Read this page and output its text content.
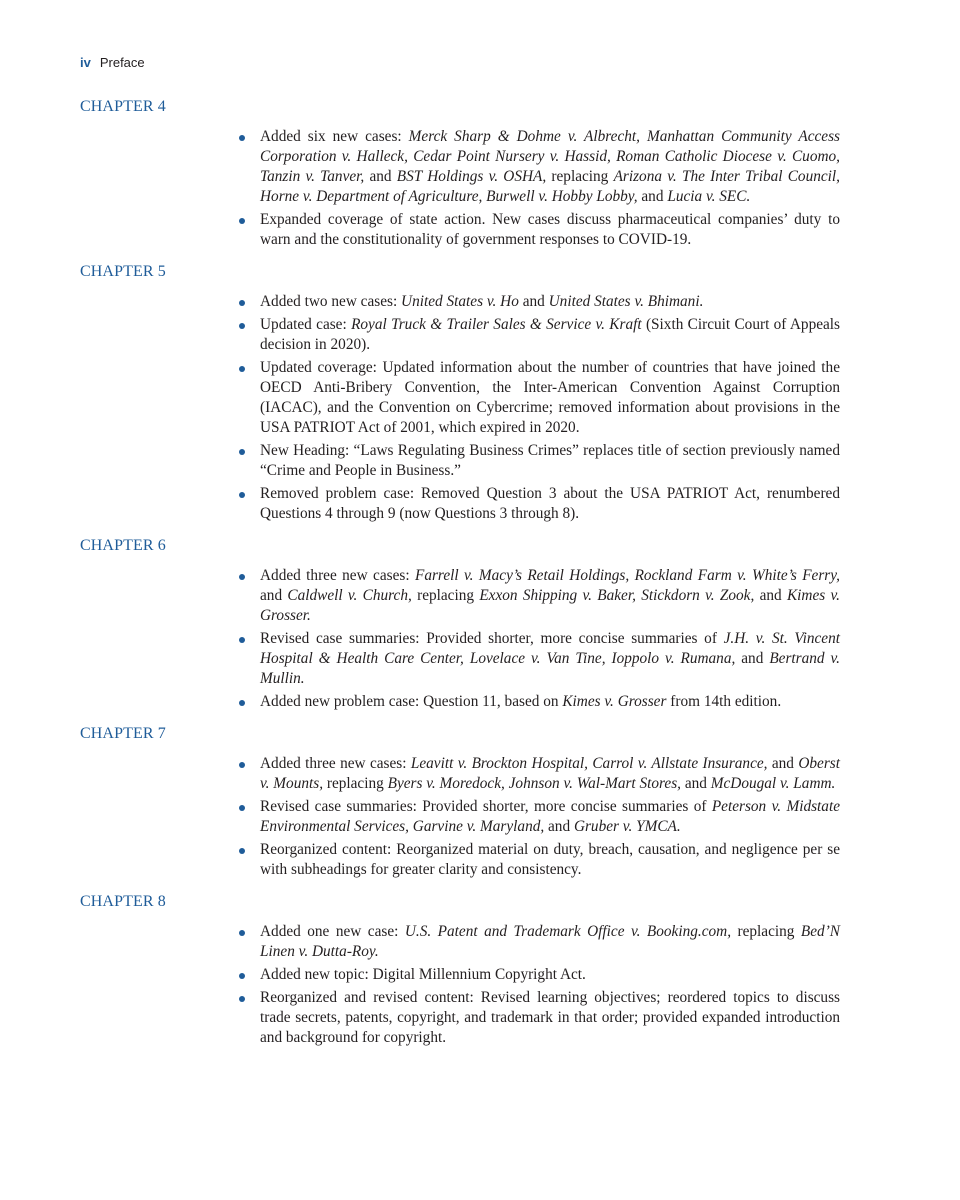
iv Preface
CHAPTER 4
Added six new cases: Merck Sharp & Dohme v. Albrecht, Manhattan Community Access Corporation v. Halleck, Cedar Point Nursery v. Hassid, Roman Catholic Diocese v. Cuomo, Tanzin v. Tanver, and BST Holdings v. OSHA, replacing Arizona v. The Inter Tribal Council, Horne v. Department of Agriculture, Burwell v. Hobby Lobby, and Lucia v. SEC.
Expanded coverage of state action. New cases discuss pharmaceutical companies’ duty to warn and the constitutionality of government responses to COVID-19.
CHAPTER 5
Added two new cases: United States v. Ho and United States v. Bhimani.
Updated case: Royal Truck & Trailer Sales & Service v. Kraft (Sixth Circuit Court of Appeals decision in 2020).
Updated coverage: Updated information about the number of countries that have joined the OECD Anti-Bribery Convention, the Inter-American Convention Against Corruption (IACAC), and the Convention on Cybercrime; removed information about provisions in the USA PATRIOT Act of 2001, which expired in 2020.
New Heading: “Laws Regulating Business Crimes” replaces title of section previously named “Crime and People in Business.”
Removed problem case: Removed Question 3 about the USA PATRIOT Act, renumbered Questions 4 through 9 (now Questions 3 through 8).
CHAPTER 6
Added three new cases: Farrell v. Macy’s Retail Holdings, Rockland Farm v. White’s Ferry, and Caldwell v. Church, replacing Exxon Shipping v. Baker, Stickdorn v. Zook, and Kimes v. Grosser.
Revised case summaries: Provided shorter, more concise summaries of J.H. v. St. Vincent Hospital & Health Care Center, Lovelace v. Van Tine, Ioppolo v. Rumana, and Bertrand v. Mullin.
Added new problem case: Question 11, based on Kimes v. Grosser from 14th edition.
CHAPTER 7
Added three new cases: Leavitt v. Brockton Hospital, Carrol v. Allstate Insurance, and Oberst v. Mounts, replacing Byers v. Moredock, Johnson v. Wal-Mart Stores, and McDougal v. Lamm.
Revised case summaries: Provided shorter, more concise summaries of Peterson v. Midstate Environmental Services, Garvine v. Maryland, and Gruber v. YMCA.
Reorganized content: Reorganized material on duty, breach, causation, and negligence per se with subheadings for greater clarity and consistency.
CHAPTER 8
Added one new case: U.S. Patent and Trademark Office v. Booking.com, replacing Bed’N Linen v. Dutta-Roy.
Added new topic: Digital Millennium Copyright Act.
Reorganized and revised content: Revised learning objectives; reordered topics to discuss trade secrets, patents, copyright, and trademark in that order; provided expanded introduction and background for copyright.
